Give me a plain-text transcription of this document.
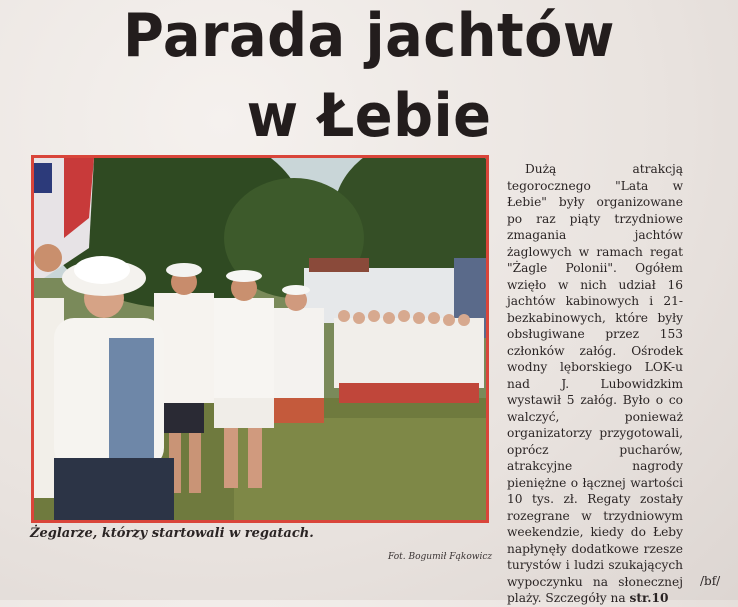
Parada jachtów
w Łebie
Żeglarze, którzy startowali w regatach.
Fot. Bogumił Fąkowicz

Dużą atrakcją tegorocznego "Lata w Łebie" były organizowane po raz piąty trzydniowe zmagania jachtów żaglowych w ramach regat "Żagle Polonii". Ogółem wzięło w nich udział 16 jachtów kabinowych i 21-bezkabinowych, które były obsługiwane przez 153 członków załóg. Ośrodek wodny lęborskiego LOK-u nad J. Lubowidzkim wystawił 5 załóg. Było o co walczyć, ponieważ organizatorzy przygotowali, oprócz pucharów, atrakcyjne nagrody pieniężne o łącznej wartości 10 tys. zł. Regaty zostały rozegrane w trzydniowym weekendzie, kiedy do Łeby napłynęły dodatkowe rzesze turystów i ludzi szukających wypoczynku na słonecznej plaży. Szczegóły na str.10

/bf/
